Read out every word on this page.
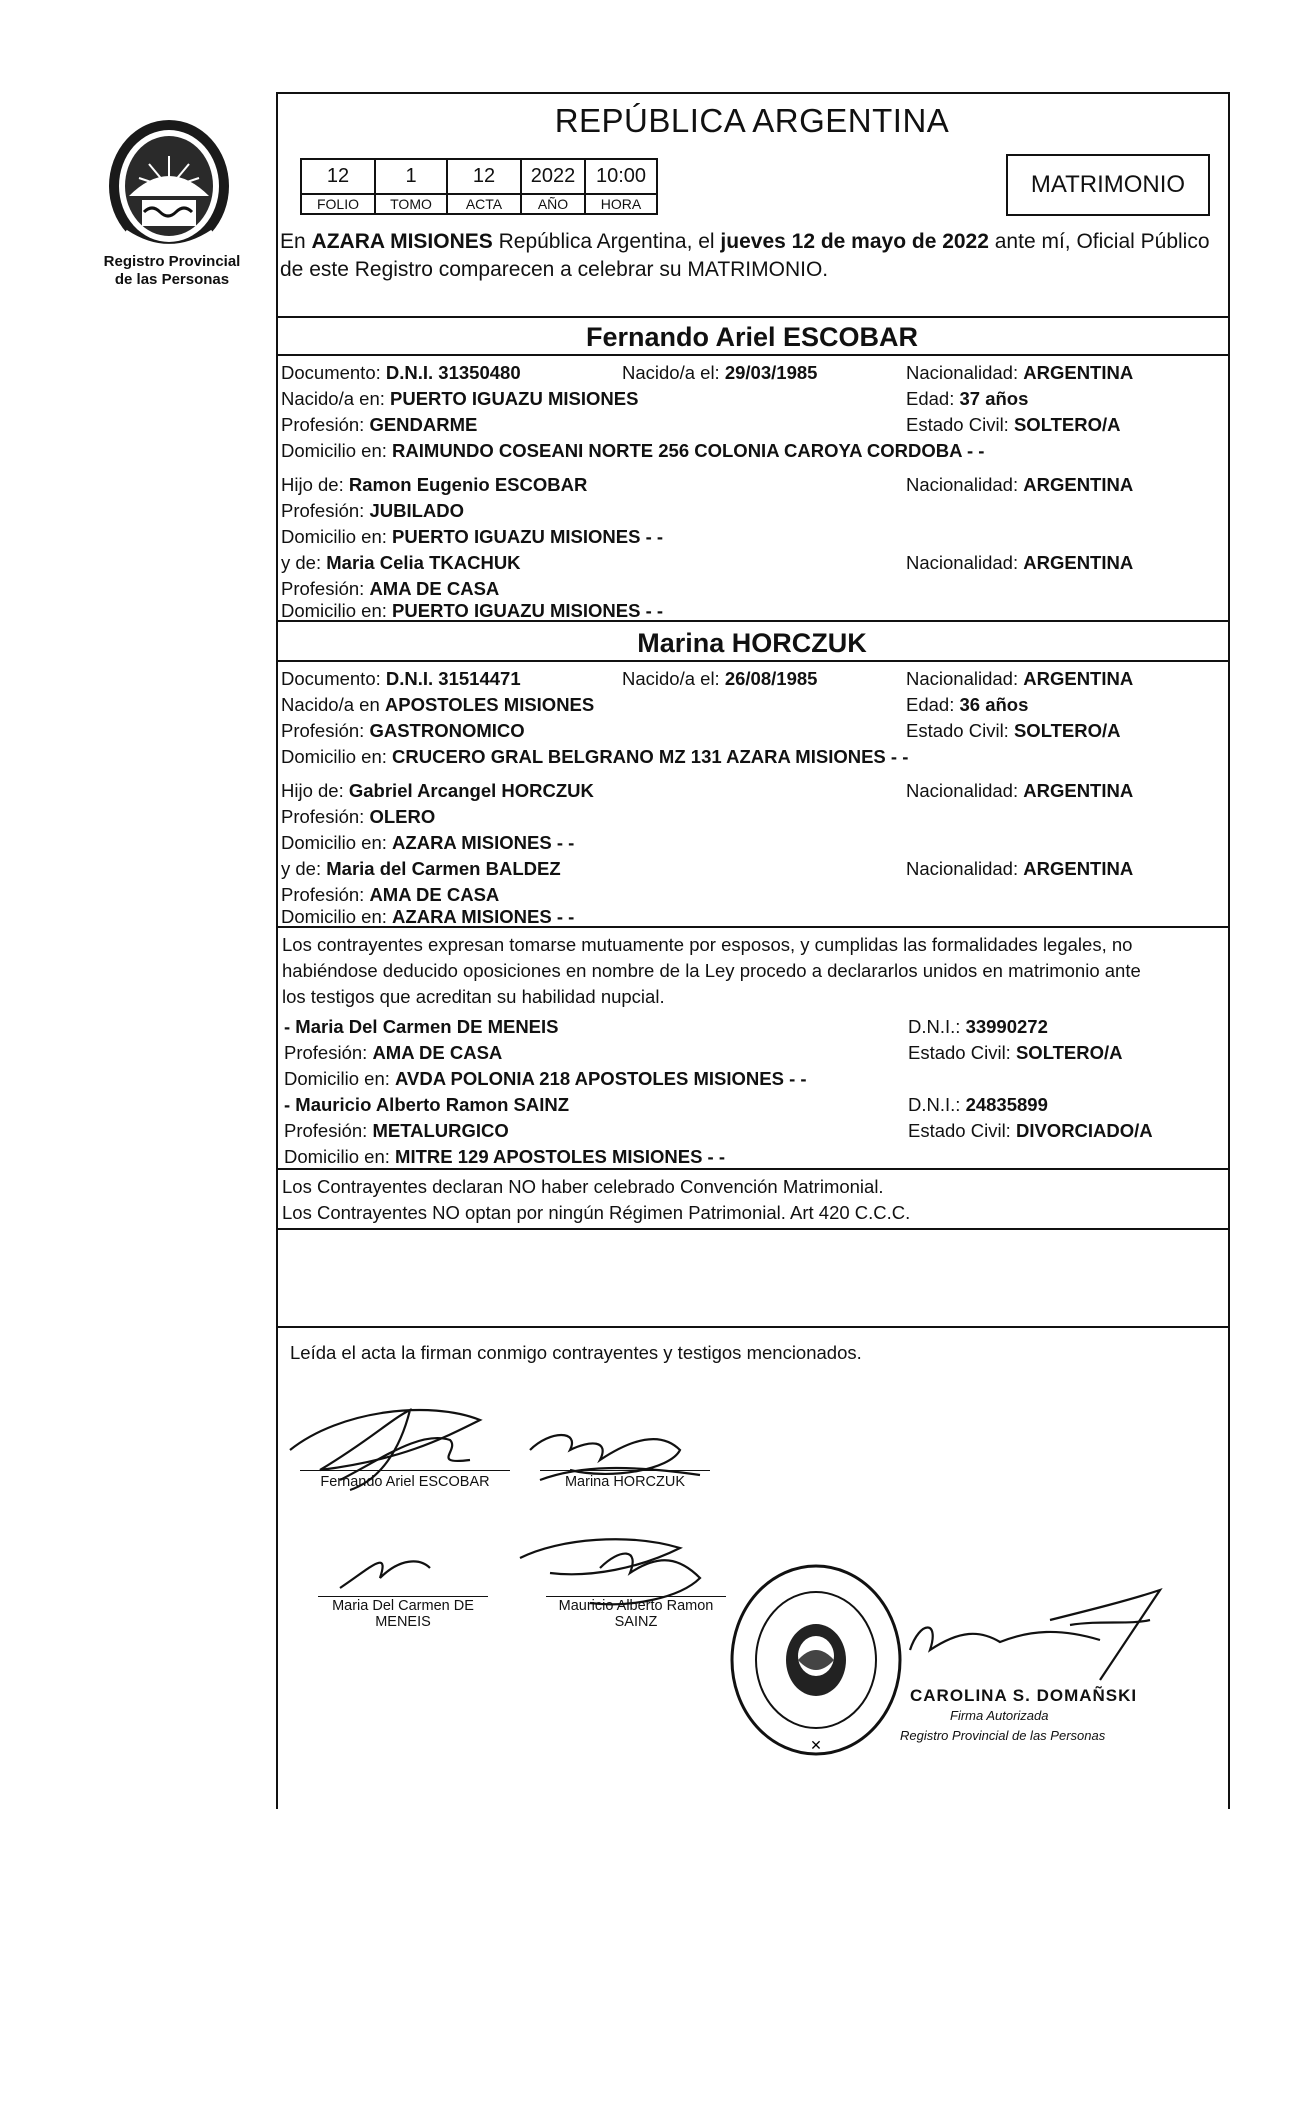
Registro Provincial
de las Personas
REPÚBLICA ARGENTINA
12	1	12	2022	10:00
FOLIO	TOMO	ACTA	AÑO	HORA
MATRIMONIO
En AZARA MISIONES República Argentina, el jueves 12 de mayo de 2022 ante mí, Oficial Público de este Registro comparecen a celebrar su MATRIMONIO.
Fernando Ariel ESCOBAR
Documento: D.N.I. 31350480	Nacido/a el: 29/03/1985	Nacionalidad: ARGENTINA
Nacido/a en: PUERTO IGUAZU MISIONES	Edad: 37 años
Profesión: GENDARME	Estado Civil: SOLTERO/A
Domicilio en: RAIMUNDO COSEANI NORTE 256 COLONIA CAROYA CORDOBA - -
Hijo de: Ramon Eugenio ESCOBAR	Nacionalidad: ARGENTINA
Profesión: JUBILADO
Domicilio en: PUERTO IGUAZU MISIONES - -
y de: Maria Celia TKACHUK	Nacionalidad: ARGENTINA
Profesión: AMA DE CASA
Domicilio en: PUERTO IGUAZU MISIONES - -
Marina HORCZUK
Documento: D.N.I. 31514471	Nacido/a el: 26/08/1985	Nacionalidad: ARGENTINA
Nacido/a en APOSTOLES MISIONES	Edad: 36 años
Profesión: GASTRONOMICO	Estado Civil: SOLTERO/A
Domicilio en: CRUCERO GRAL BELGRANO MZ 131 AZARA MISIONES - -
Hijo de: Gabriel Arcangel HORCZUK	Nacionalidad: ARGENTINA
Profesión: OLERO
Domicilio en: AZARA MISIONES - -
y de: Maria del Carmen BALDEZ	Nacionalidad: ARGENTINA
Profesión: AMA DE CASA
Domicilio en: AZARA MISIONES - -
Los contrayentes expresan tomarse mutuamente por esposos, y cumplidas las formalidades legales, no
habiéndose deducido oposiciones en nombre de la Ley procedo a declararlos unidos en matrimonio ante
los testigos que acreditan su habilidad nupcial.
- Maria Del Carmen DE MENEIS	D.N.I.: 33990272
Profesión: AMA DE CASA	Estado Civil: SOLTERO/A
Domicilio en: AVDA POLONIA 218 APOSTOLES MISIONES - -
- Mauricio Alberto Ramon SAINZ	D.N.I.: 24835899
Profesión: METALURGICO	Estado Civil: DIVORCIADO/A
Domicilio en: MITRE 129 APOSTOLES MISIONES - -
Los Contrayentes declaran NO haber celebrado Convención Matrimonial.
Los Contrayentes NO optan por ningún Régimen Patrimonial. Art 420 C.C.C.
Leída el acta la firman conmigo contrayentes y testigos mencionados.
Fernando Ariel ESCOBAR	Marina HORCZUK
Maria Del Carmen DE
MENEIS
Mauricio Alberto Ramon
SAINZ
✕
CAROLINA S. DOMAÑSKI
Firma Autorizada
Registro Provincial de las Personas
